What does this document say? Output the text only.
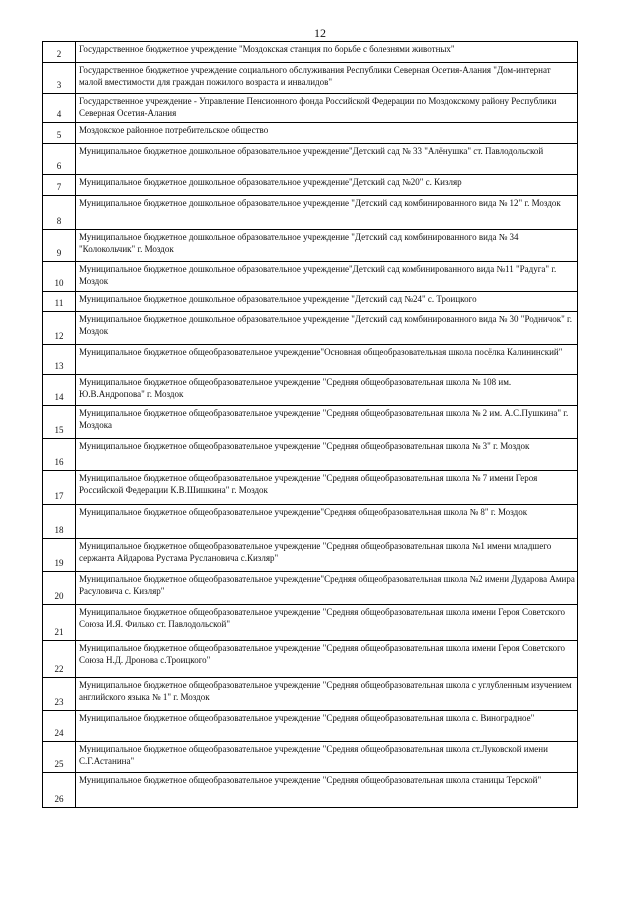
12
2	Государственное бюджетное учреждение "Моздокская станция по борьбе с болезнями животных"
3	Государственное бюджетное учреждение социального обслуживания Республики Северная Осетия-Алания "Дом-интернат малой вместимости для граждан пожилого возраста и инвалидов"
4	Государственное учреждение - Управление Пенсионного фонда Российской Федерации по Моздокскому району Республики Северная Осетия-Алания
5	Моздокское районное потребительское общество
6	Муниципальное бюджетное дошкольное образовательное учреждение"Детский сад № 33 "Алёнушка" ст. Павлодольской
7	Муниципальное бюджетное дошкольное образовательное учреждение"Детский сад №20" с. Кизляр
8	Муниципальное бюджетное дошкольное образовательное учреждение "Детский сад комбинированного вида № 12" г. Моздок
9	Муниципальное бюджетное дошкольное образовательное учреждение "Детский сад комбинированного вида № 34 "Колокольчик" г. Моздок
10	Муниципальное бюджетное дошкольное образовательное учреждение"Детский сад комбинированного вида №11 "Радуга" г. Моздок
11	Муниципальное бюджетное дошкольное образовательное учреждение "Детский сад №24" с. Троицкого
12	Муниципальное бюджетное дошкольное образовательное учреждение "Детский сад комбинированного вида № 30 "Родничок" г. Моздок
13	Муниципальное бюджетное общеобразовательное учреждение"Основная общеобразовательная школа посёлка Калининский"
14	Муниципальное бюджетное общеобразовательное учреждение "Средняя общеобразовательная школа № 108 им. Ю.В.Андропова" г. Моздок
15	Муниципальное бюджетное общеобразовательное учреждение "Средняя общеобразовательная школа № 2 им. А.С.Пушкина" г. Моздока
16	Муниципальное бюджетное общеобразовательное учреждение "Средняя общеобразовательная школа № 3" г. Моздок
17	Муниципальное бюджетное общеобразовательное учреждение "Средняя общеобразовательная школа № 7 имени Героя Российской Федерации К.В.Шишкина" г. Моздок
18	Муниципальное бюджетное общеобразовательное учреждение"Средняя общеобразовательная школа № 8" г. Моздок
19	Муниципальное бюджетное общеобразовательное учреждение "Средняя общеобразовательная школа №1 имени младшего сержанта Айдарова Рустама Руслановича с.Кизляр"
20	Муниципальное бюджетное общеобразовательное учреждение"Средняя общеобразовательная школа №2 имени Дударова Амира Расуловича с. Кизляр"
21	Муниципальное бюджетное общеобразовательное учреждение "Средняя общеобразовательная школа имени Героя Советского Союза И.Я. Филько ст. Павлодольской"
22	Муниципальное бюджетное общеобразовательное учреждение "Средняя общеобразовательная школа имени Героя Советского Союза Н.Д. Дронова с.Троицкого"
23	Муниципальное бюджетное общеобразовательное учреждение "Средняя общеобразовательная школа с углубленным изучением английского языка № 1" г. Моздок
24	Муниципальное бюджетное общеобразовательное учреждение "Средняя общеобразовательная школа с. Виноградное"
25	Муниципальное бюджетное общеобразовательное учреждение "Средняя общеобразовательная школа ст.Луковской имени С.Г.Астанина"
26	Муниципальное бюджетное общеобразовательное учреждение "Средняя общеобразовательная школа станицы Терской"
